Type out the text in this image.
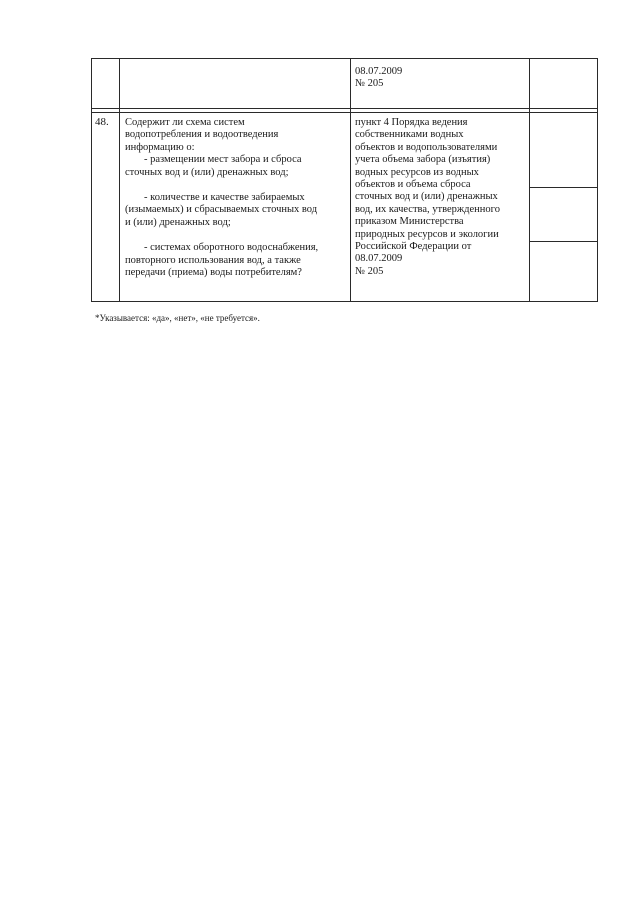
08.07.2009
№ 205
48. Содержит ли схема систем
водопотребления и водоотведения
информацию о:
- размещении мест забора и сброса
сточных вод и (или) дренажных вод;
- количестве и качестве забираемых
(изымаемых) и сбрасываемых сточных вод
и (или) дренажных вод;
- системах оборотного водоснабжения,
повторного использования вод, а также
передачи (приема) воды потребителям?
пункт 4 Порядка ведения
собственниками водных
объектов и водопользователями
учета объема забора (изъятия)
водных ресурсов из водных
объектов и объема сброса
сточных вод и (или) дренажных
вод, их качества, утвержденного
приказом Министерства
природных ресурсов и экологии
Российской Федерации от
08.07.2009
№ 205
*Указывается: «да», «нет», «не требуется».
